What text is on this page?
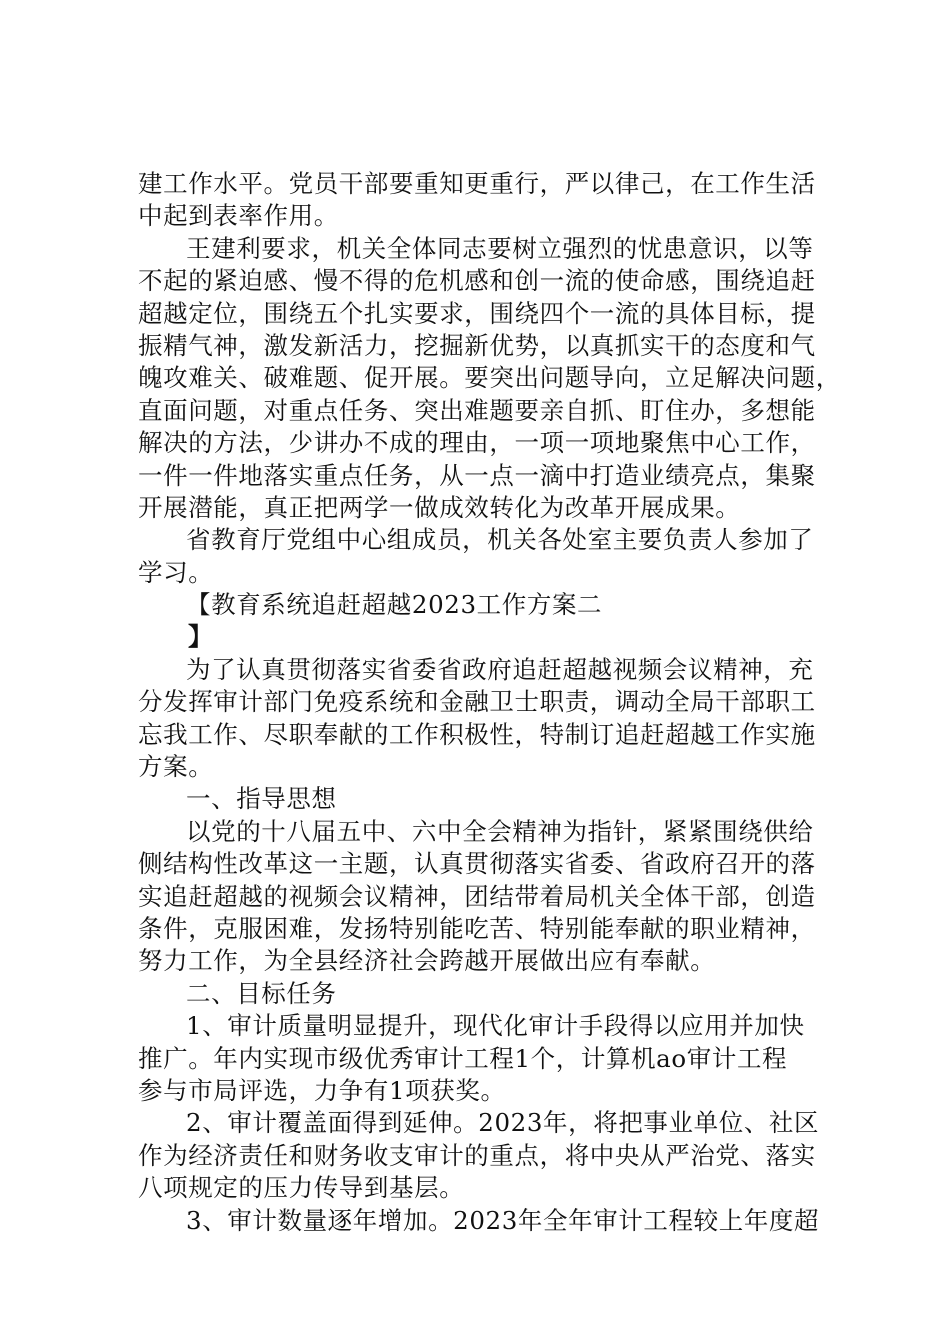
建工作水平。党员干部要重知更重行，严以律己，在工作生活
中起到表率作用。
王建利要求，机关全体同志要树立强烈的忧患意识，以等
不起的紧迫感、慢不得的危机感和创一流的使命感，围绕追赶
超越定位，围绕五个扎实要求，围绕四个一流的具体目标，提
振精气神，激发新活力，挖掘新优势，以真抓实干的态度和气
魄攻难关、破难题、促开展。要突出问题导向，立足解决问题，
直面问题，对重点任务、突出难题要亲自抓、盯住办，多想能
解决的方法，少讲办不成的理由，一项一项地聚焦中心工作，
一件一件地落实重点任务，从一点一滴中打造业绩亮点，集聚
开展潜能，真正把两学一做成效转化为改革开展成果。
省教育厅党组中心组成员，机关各处室主要负责人参加了
学习。
【教育系统追赶超越2023工作方案二
】
为了认真贯彻落实省委省政府追赶超越视频会议精神，充
分发挥审计部门免疫系统和金融卫士职责，调动全局干部职工
忘我工作、尽职奉献的工作积极性，特制订追赶超越工作实施
方案。
一、指导思想
以党的十八届五中、六中全会精神为指针，紧紧围绕供给
侧结构性改革这一主题，认真贯彻落实省委、省政府召开的落
实追赶超越的视频会议精神，团结带着局机关全体干部，创造
条件，克服困难，发扬特别能吃苦、特别能奉献的职业精神，
努力工作，为全县经济社会跨越开展做出应有奉献。
二、目标任务
1、审计质量明显提升，现代化审计手段得以应用并加快
推广。年内实现市级优秀审计工程1个，计算机ao审计工程
参与市局评选，力争有1项获奖。
2、审计覆盖面得到延伸。2023年，将把事业单位、社区
作为经济责任和财务收支审计的重点，将中央从严治党、落实
八项规定的压力传导到基层。
3、审计数量逐年增加。2023年全年审计工程较上年度超
